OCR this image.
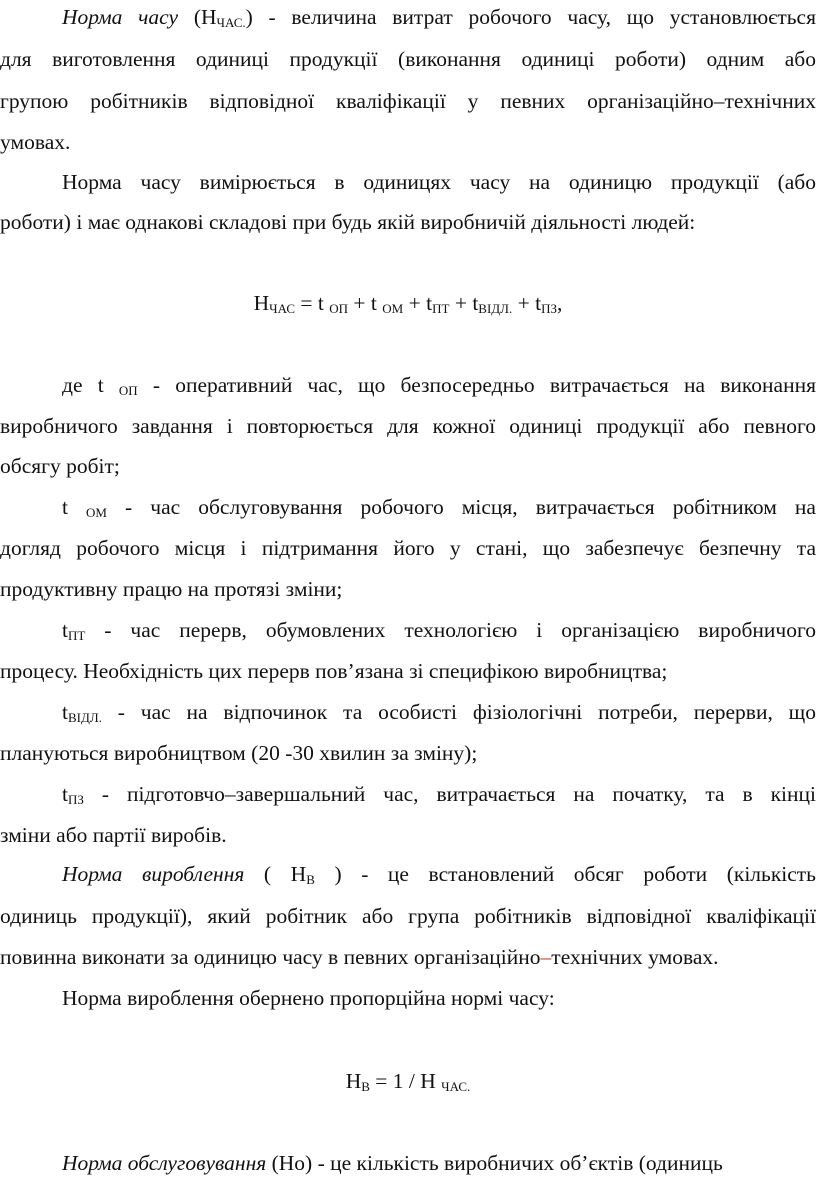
Норма часу $(Н_{ЧАС.})$ - величина витрат робочого часу, що установлюється
для виготовлення одиниці продукції (виконання одиниці роботи) одним або
групою робітників відповідної кваліфікації у певних організаційно–технічних
умовах.
Норма часу вимірюється в одиницях часу на одиницю продукції (або
роботи) і має однакові складові при будь якій виробничій діяльності людей:
$Н_{ЧАС} = t$ $_{ОП}$ + t $_{ОМ} + t_{ПТ} + t_{ВІДЛ.} + t_{ПЗ}$,
де t $_{ОП}$ - оперативний час, що безпосередньо витрачається на виконання
виробничого завдання і повторюється для кожної одиниці продукції або певного
обсягу робіт;
t $_{ОМ}$ - час обслуговування робочого місця, витрачається робітником на
догляд робочого місця і підтримання його у стані, що забезпечує безпечну та
продуктивну працю на протязі зміни;
$t_{ПТ}$ - час перерв, обумовлених технологією і організацією виробничого
процесу. Необхідність цих перерв пов’язана зі специфікою виробництва;
$t_{ВІДЛ.}$ - час на відпочинок та особисті фізіологічні потреби, перерви, що
плануються виробництвом (20 -30 хвилин за зміну);
$t_{ПЗ}$ - підготовчо–завершальний час, витрачається на початку, та в кінці
зміни або партії виробів.
Норма вироблення ( $Н_В$ ) - це встановлений обсяг роботи (кількість
одиниць продукції), який робітник або група робітників відповідної кваліфікації
повинна виконати за одиницю часу в певних організаційно–технічних умовах.
Норма вироблення обернено пропорційна нормі часу:
$Н_В = 1 / Н$ $_{ЧАС.}$
Норма обслуговування (Но) - це кількість виробничих об’єктів (одиниць
